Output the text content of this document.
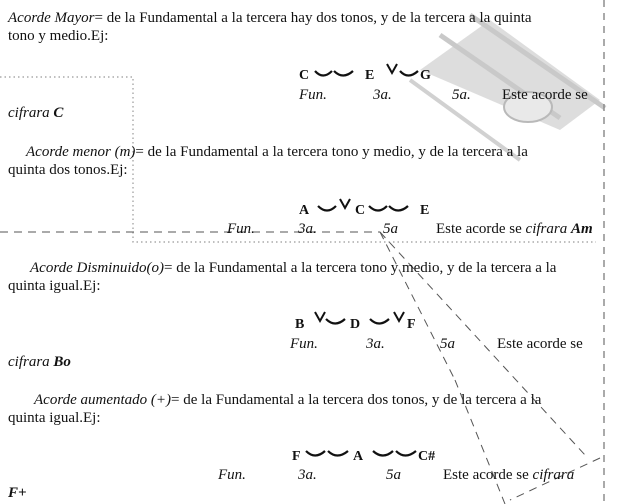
Acorde Mayor= de la Fundamental a la tercera hay dos tonos, y de la tercera a la quinta
tono y medio.Ej:
C	E	G
Fun.	3a.	5a. Este acorde se
cifrara C
Acorde menor (m)= de la Fundamental a la tercera tono y medio, y de la tercera a la
quinta dos tonos.Ej:
A	C	E
Fun.	3a.	5a	Este acorde se cifrara Am
Acorde Disminuido(o)= de la Fundamental a la tercera tono y medio, y de la tercera a la
quinta igual.Ej:
B	D	F
Fun.	3a.	5a	Este acorde se
cifrara Bo
Acorde aumentado (+)= de la Fundamental a la tercera dos tonos, y de la tercera a la
quinta igual.Ej:
F	A	C#
Fun.	3a.	5a	Este acorde se cifrara
F+
